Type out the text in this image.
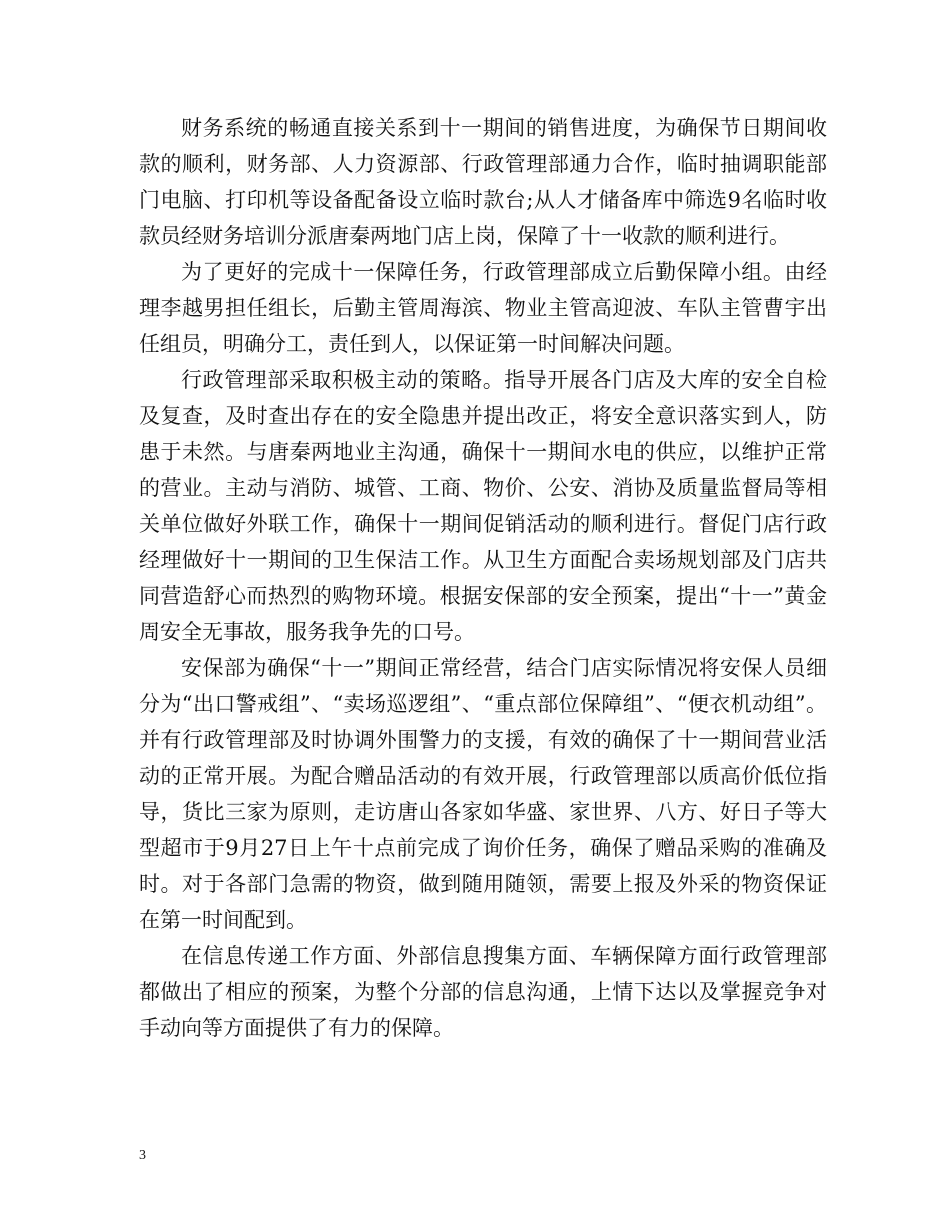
财务系统的畅通直接关系到十一期间的销售进度，为确保节日期间收款的顺利，财务部、人力资源部、行政管理部通力合作，临时抽调职能部门电脑、打印机等设备配备设立临时款台;从人才储备库中筛选9名临时收款员经财务培训分派唐秦两地门店上岗，保障了十一收款的顺利进行。

为了更好的完成十一保障任务，行政管理部成立后勤保障小组。由经理李越男担任组长，后勤主管周海滨、物业主管高迎波、车队主管曹宇出任组员，明确分工，责任到人，以保证第一时间解决问题。

行政管理部采取积极主动的策略。指导开展各门店及大库的安全自检及复查，及时查出存在的安全隐患并提出改正，将安全意识落实到人，防患于未然。与唐秦两地业主沟通，确保十一期间水电的供应，以维护正常的营业。主动与消防、城管、工商、物价、公安、消协及质量监督局等相关单位做好外联工作，确保十一期间促销活动的顺利进行。督促门店行政经理做好十一期间的卫生保洁工作。从卫生方面配合卖场规划部及门店共同营造舒心而热烈的购物环境。根据安保部的安全预案，提出“十一”黄金周安全无事故，服务我争先的口号。

安保部为确保“十一”期间正常经营，结合门店实际情况将安保人员细分为“出口警戒组”、“卖场巡逻组”、“重点部位保障组”、“便衣机动组”。并有行政管理部及时协调外围警力的支援，有效的确保了十一期间营业活动的正常开展。为配合赠品活动的有效开展，行政管理部以质高价低位指导，货比三家为原则，走访唐山各家如华盛、家世界、八方、好日子等大型超市于9月27日上午十点前完成了询价任务，确保了赠品采购的准确及时。对于各部门急需的物资，做到随用随领，需要上报及外采的物资保证在第一时间配到。

在信息传递工作方面、外部信息搜集方面、车辆保障方面行政管理部都做出了相应的预案，为整个分部的信息沟通，上情下达以及掌握竞争对手动向等方面提供了有力的保障。

3
